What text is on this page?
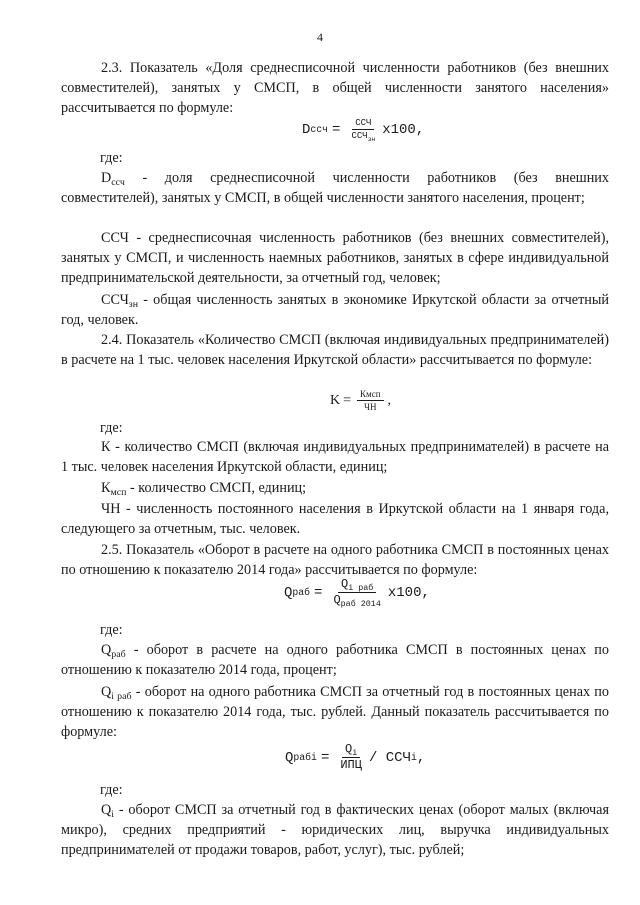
4

2.3. Показатель «Доля среднесписочной численности работников (без внешних совместителей), занятых у СМСП, в общей численности занятого населения» рассчитывается по формуле:

D ссч = $\frac{\text{ССЧ}}{ССЧ_{зн}} х100$,
где:

$D_{ссч}$ - доля среднесписочной численности работников (без внешних совместителей), занятых у СМСП, в общей численности занятого населения, процент;

ССЧ - среднесписочная численность работников (без внешних совместителей), занятых у СМСП, и численность наемных работников, занятых в сфере индивидуальной предпринимательской деятельности, за отчетный год, человек;

$ССЧ_{зн}$ - общая численность занятых в экономике Иркутской области за отчетный год, человек.

2.4. Показатель «Количество СМСП (включая индивидуальных предпринимателей) в расчете на 1 тыс. человек населения Иркутской области» рассчитывается по формуле:

$K = \frac{\text{Кмсп}}{ЧН}$ ,
где:

К - количество СМСП (включая индивидуальных предпринимателей) в расчете на 1 тыс. человек населения Иркутской области, единиц;

$К_{мсп}$ - количество СМСП, единиц;

ЧН - численность постоянного населения в Иркутской области на 1 января года, следующего за отчетным, тыс. человек.

2.5. Показатель «Оборот в расчете на одного работника СМСП в постоянных ценах по отношению к показателю 2014 года» рассчитывается по формуле:

Q раб = $\frac{Q_{i раб}}{Q_{раб 2014}} х100$,
где:

$Q_{раб}$ - оборот в расчете на одного работника СМСП в постоянных ценах по отношению к показателю 2014 года, процент;

$Q_{i раб}$ - оборот на одного работника СМСП за отчетный год в постоянных ценах по отношению к показателю 2014 года, тыс. рублей. Данный показатель рассчитывается по формуле:

Q рабi = $\frac{Q_i}{\text{ИПЦ}}$ / ССЧ i ,
где:

$Q_i$ - оборот СМСП за отчетный год в фактических ценах (оборот малых (включая микро), средних предприятий - юридических лиц, выручка индивидуальных предпринимателей от продажи товаров, работ, услуг), тыс. рублей;
